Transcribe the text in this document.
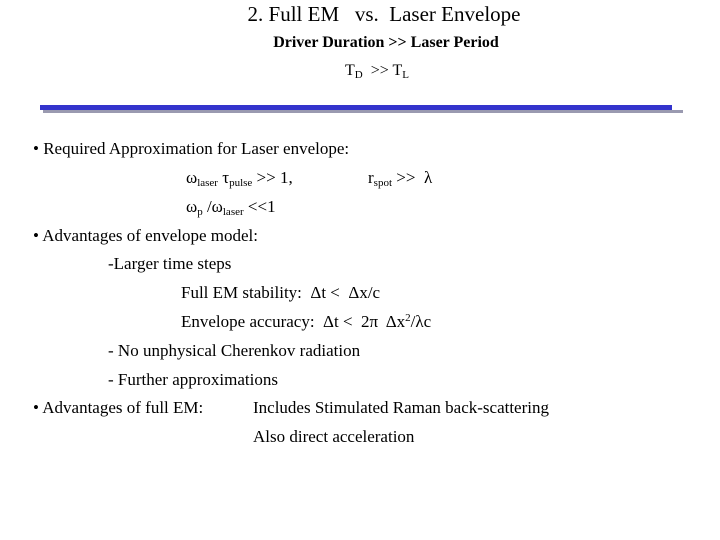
2. Full EM   vs.  Laser Envelope
Driver Duration >> Laser Period
$T_D >> T_L$
• Required Approximation for Laser envelope:
$\omega_{laser}$ $\tau_{pulse} >> 1$,	$r_{spot} >> \lambda$
$\omega_p$ $/\omega_{laser} <<1$
• Advantages of envelope model:
-Larger time steps
Full EM stability:  Δt <  Δx/c
Envelope accuracy:  Δt <  2π  $\Delta x^2/\lambda c$
- No unphysical Cherenkov radiation
- Further approximations
• Advantages of full EM:	Includes Stimulated Raman back-scattering
Also direct acceleration
